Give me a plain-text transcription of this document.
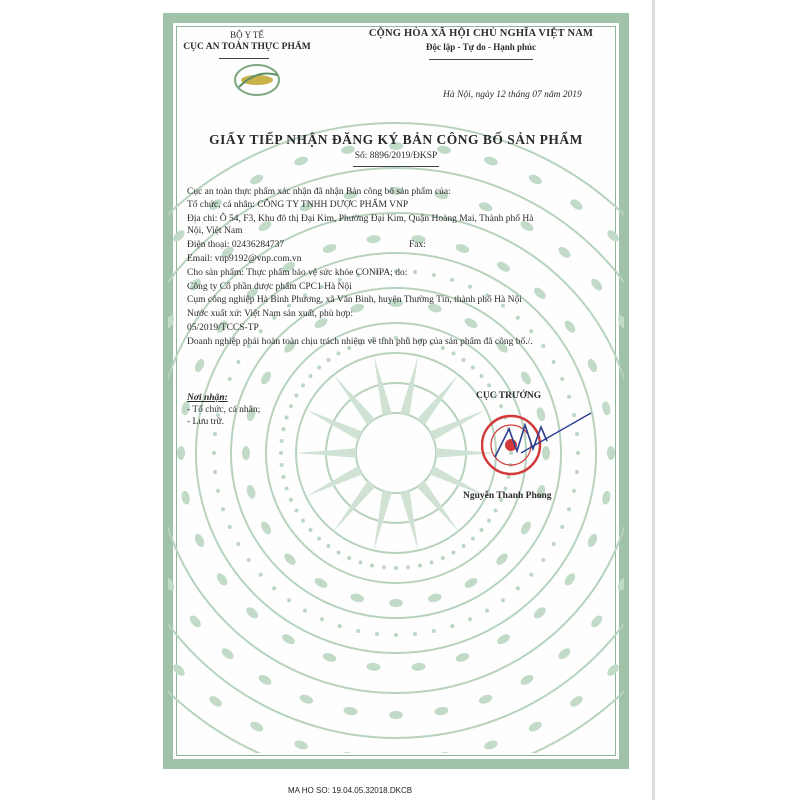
BỘ Y TẾ
CỤC AN TOÀN THỰC PHẨM
CỘNG HÒA XÃ HỘI CHỦ NGHĨA VIỆT NAM
Độc lập - Tự do - Hạnh phúc
Hà Nội, ngày 12 tháng 07 năm 2019
GIẤY TIẾP NHẬN ĐĂNG KÝ BẢN CÔNG BỐ SẢN PHẨM
Số: 8896/2019/ĐKSP
Cục an toàn thực phẩm xác nhận đã nhận Bản công bố sản phẩm của:
Tổ chức, cá nhân: CÔNG TY TNHH DƯỢC PHẨM VNP
Địa chỉ: Ô 54, F3, Khu đô thị Đại Kim, Phường Đại Kim, Quận Hoàng Mai, Thành phố Hà
Nội, Việt Nam
Điện thoại: 02436284737	Fax:
Email: vnp9192@vnp.com.vn
Cho sản phẩm: Thực phẩm bảo vệ sức khỏe CONIPA; do:
Công ty Cổ phần dược phẩm CPC1 Hà Nội
Cụm công nghiệp Hà Bình Phương, xã Văn Bình, huyện Thường Tín, thành phố Hà Nội
Nước xuất xứ: Việt Nam sản xuất, phù hợp:
05/2019/TCCS-TP
Doanh nghiệp phải hoàn toàn chịu trách nhiệm về tính phù hợp của sản phẩm đã công bố./.
Nơi nhận:
- Tổ chức, cá nhân;
- Lưu trữ.
CỤC TRƯỞNG
Nguyễn Thanh Phong
MA HO SO: 19.04.05.32018.DKCB
